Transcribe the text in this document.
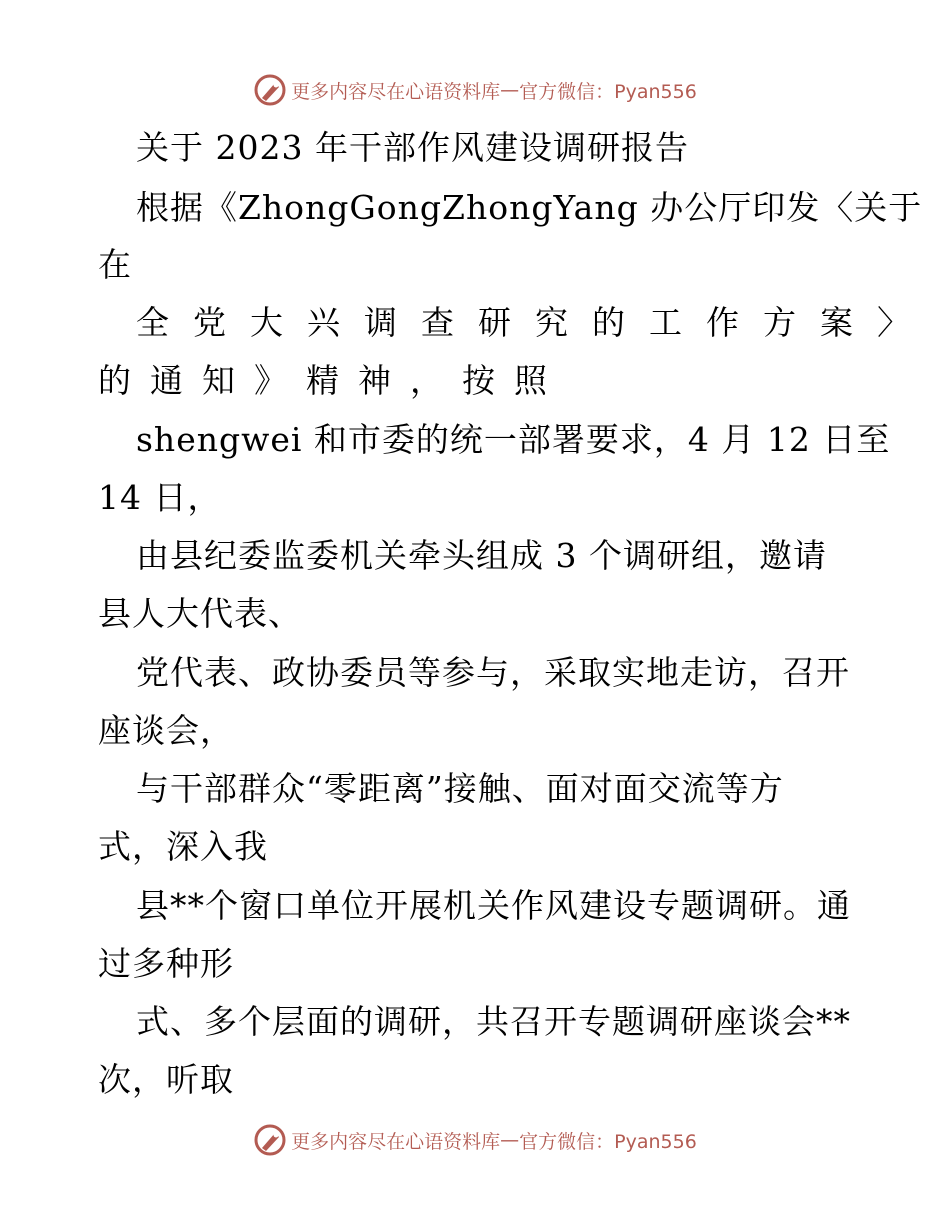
更多内容尽在心语资料库 — 官方微信：Pyan556
关于 2023 年干部作风建设调研报告
根据《ZhongGongZhongYang 办公厅印发〈关于
在
全党大兴调查研究的工作方案〉
的通知》精神，按照
shengwei 和市委的统一部署要求，4 月 12 日至
14 日，
由县纪委监委机关牵头组成 3 个调研组，邀请
县人大代表、
党代表、政协委员等参与，采取实地走访，召开
座谈会，
与干部群众“零距离”接触、面对面交流等方
式，深入我
县**个窗口单位开展机关作风建设专题调研。通
过多种形
式、多个层面的调研，共召开专题调研座谈会**
次，听取
更多内容尽在心语资料库 — 官方微信：Pyan556
